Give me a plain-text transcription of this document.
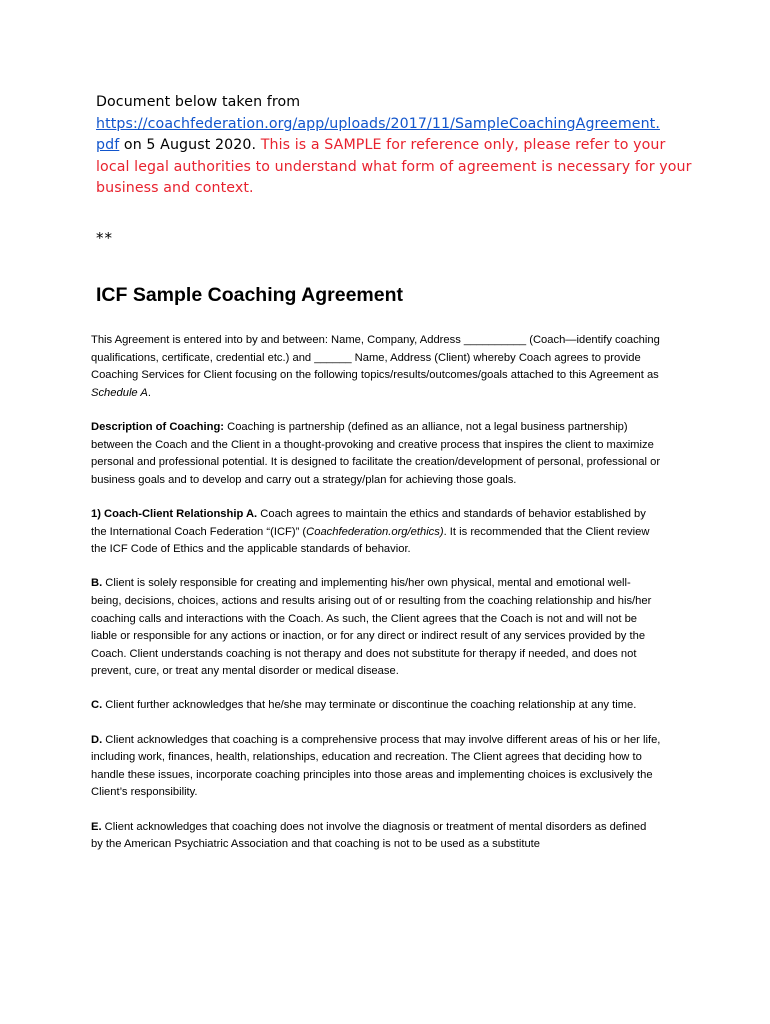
Document below taken from
https://coachfederation.org/app/uploads/2017/11/SampleCoachingAgreement.
pdf on 5 August 2020. This is a SAMPLE for reference only, please refer to your local legal authorities to understand what form of agreement is necessary for your business and context.
**
ICF Sample Coaching Agreement

This Agreement is entered into by and between: Name, Company, Address __________ (Coach—identify coaching qualifications, certificate, credential etc.) and ______ Name, Address (Client) whereby Coach agrees to provide Coaching Services for Client focusing on the following topics/results/outcomes/goals attached to this Agreement as Schedule A.

Description of Coaching: Coaching is partnership (defined as an alliance, not a legal business partnership) between the Coach and the Client in a thought-provoking and creative process that inspires the client to maximize personal and professional potential. It is designed to facilitate the creation/development of personal, professional or business goals and to develop and carry out a strategy/plan for achieving those goals.

1) Coach-Client Relationship A. Coach agrees to maintain the ethics and standards of behavior established by the International Coach Federation “(ICF)” (Coachfederation.org/ethics). It is recommended that the Client review the ICF Code of Ethics and the applicable standards of behavior.

B. Client is solely responsible for creating and implementing his/her own physical, mental and emotional well-being, decisions, choices, actions and results arising out of or resulting from the coaching relationship and his/her coaching calls and interactions with the Coach. As such, the Client agrees that the Coach is not and will not be liable or responsible for any actions or inaction, or for any direct or indirect result of any services provided by the Coach. Client understands coaching is not therapy and does not substitute for therapy if needed, and does not prevent, cure, or treat any mental disorder or medical disease.

C. Client further acknowledges that he/she may terminate or discontinue the coaching relationship at any time.

D. Client acknowledges that coaching is a comprehensive process that may involve different areas of his or her life, including work, finances, health, relationships, education and recreation. The Client agrees that deciding how to handle these issues, incorporate coaching principles into those areas and implementing choices is exclusively the Client’s responsibility.

E. Client acknowledges that coaching does not involve the diagnosis or treatment of mental disorders as defined by the American Psychiatric Association and that coaching is not to be used as a substitute
